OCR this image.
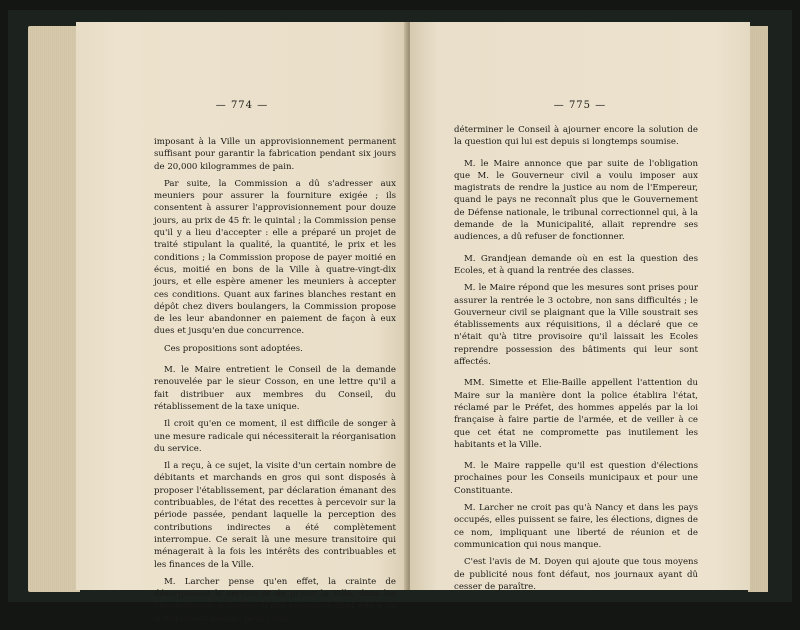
— 774 —

imposant à la Ville un approvisionnement permanent suffisant pour garantir la fabrication pendant six jours de 20,000 kilogrammes de pain.

Par suite, la Commission a dû s'adresser aux meuniers pour assurer la fourniture exigée ; ils consentent à assurer l'approvisionnement pour douze jours, au prix de 45 fr. le quintal ; la Commission pense qu'il y a lieu d'accepter : elle a préparé un projet de traité stipulant la qualité, la quantité, le prix et les conditions ; la Commission propose de payer moitié en écus, moitié en bons de la Ville à quatre-vingt-dix jours, et elle espère amener les meuniers à accepter ces conditions. Quant aux farines blanches restant en dépôt chez divers boulangers, la Commission propose de les leur abandonner en paiement de façon à eux dues et jusqu'en due concurrence.

Ces propositions sont adoptées.

M. le Maire entretient le Conseil de la demande renouvelée par le sieur Cosson, en une lettre qu'il a fait distribuer aux membres du Conseil, du rétablissement de la taxe unique.

Il croit qu'en ce moment, il est difficile de songer à une mesure radicale qui nécessiterait la réorganisation du service.

Il a reçu, à ce sujet, la visite d'un certain nombre de débitants et marchands en gros qui sont disposés à proposer l'établissement, par déclaration émanant des contribuables, de l'état des recettes à percevoir sur la période passée, pendant laquelle la perception des contributions indirectes a été complètement interrompue. Ce serait là une mesure transitoire qui ménagerait à la fois les intérêts des contribuables et les finances de la Ville.

M. Larcher pense qu'en effet, la crainte de désorganiser le service et de priver la Ville, dans les circonstances actuelles, d'une ressource dont elle a un si impérieux besoin, peut seule

— 775 —

déterminer le Conseil à ajourner encore la solution de la question qui lui est depuis si longtemps soumise.

M. le Maire annonce que par suite de l'obligation que M. le Gouverneur civil a voulu imposer aux magistrats de rendre la justice au nom de l'Empereur, quand le pays ne reconnaît plus que le Gouvernement de Défense nationale, le tribunal correctionnel qui, à la demande de la Municipalité, allait reprendre ses audiences, a dû refuser de fonctionner.

M. Grandjean demande où en est la question des Ecoles, et à quand la rentrée des classes.

M. le Maire répond que les mesures sont prises pour assurer la rentrée le 3 octobre, non sans difficultés ; le Gouverneur civil se plaignant que la Ville soustrait ses établissements aux réquisitions, il a déclaré que ce n'était qu'à titre provisoire qu'il laissait les Ecoles reprendre possession des bâtiments qui leur sont affectés.

MM. Simette et Elie-Baille appellent l'attention du Maire sur la manière dont la police établira l'état, réclamé par le Préfet, des hommes appelés par la loi française à faire partie de l'armée, et de veiller à ce que cet état ne compromette pas inutilement les habitants et la Ville.

M. le Maire rappelle qu'il est question d'élections prochaines pour les Conseils municipaux et pour une Constituante.

M. Larcher ne croit pas qu'à Nancy et dans les pays occupés, elles puissent se faire, les élections, dignes de ce nom, impliquant une liberté de réunion et de communication qui nous manque.

C'est l'avis de M. Doyen qui ajoute que tous moyens de publicité nous font défaut, nos journaux ayant dû cesser de paraître.
